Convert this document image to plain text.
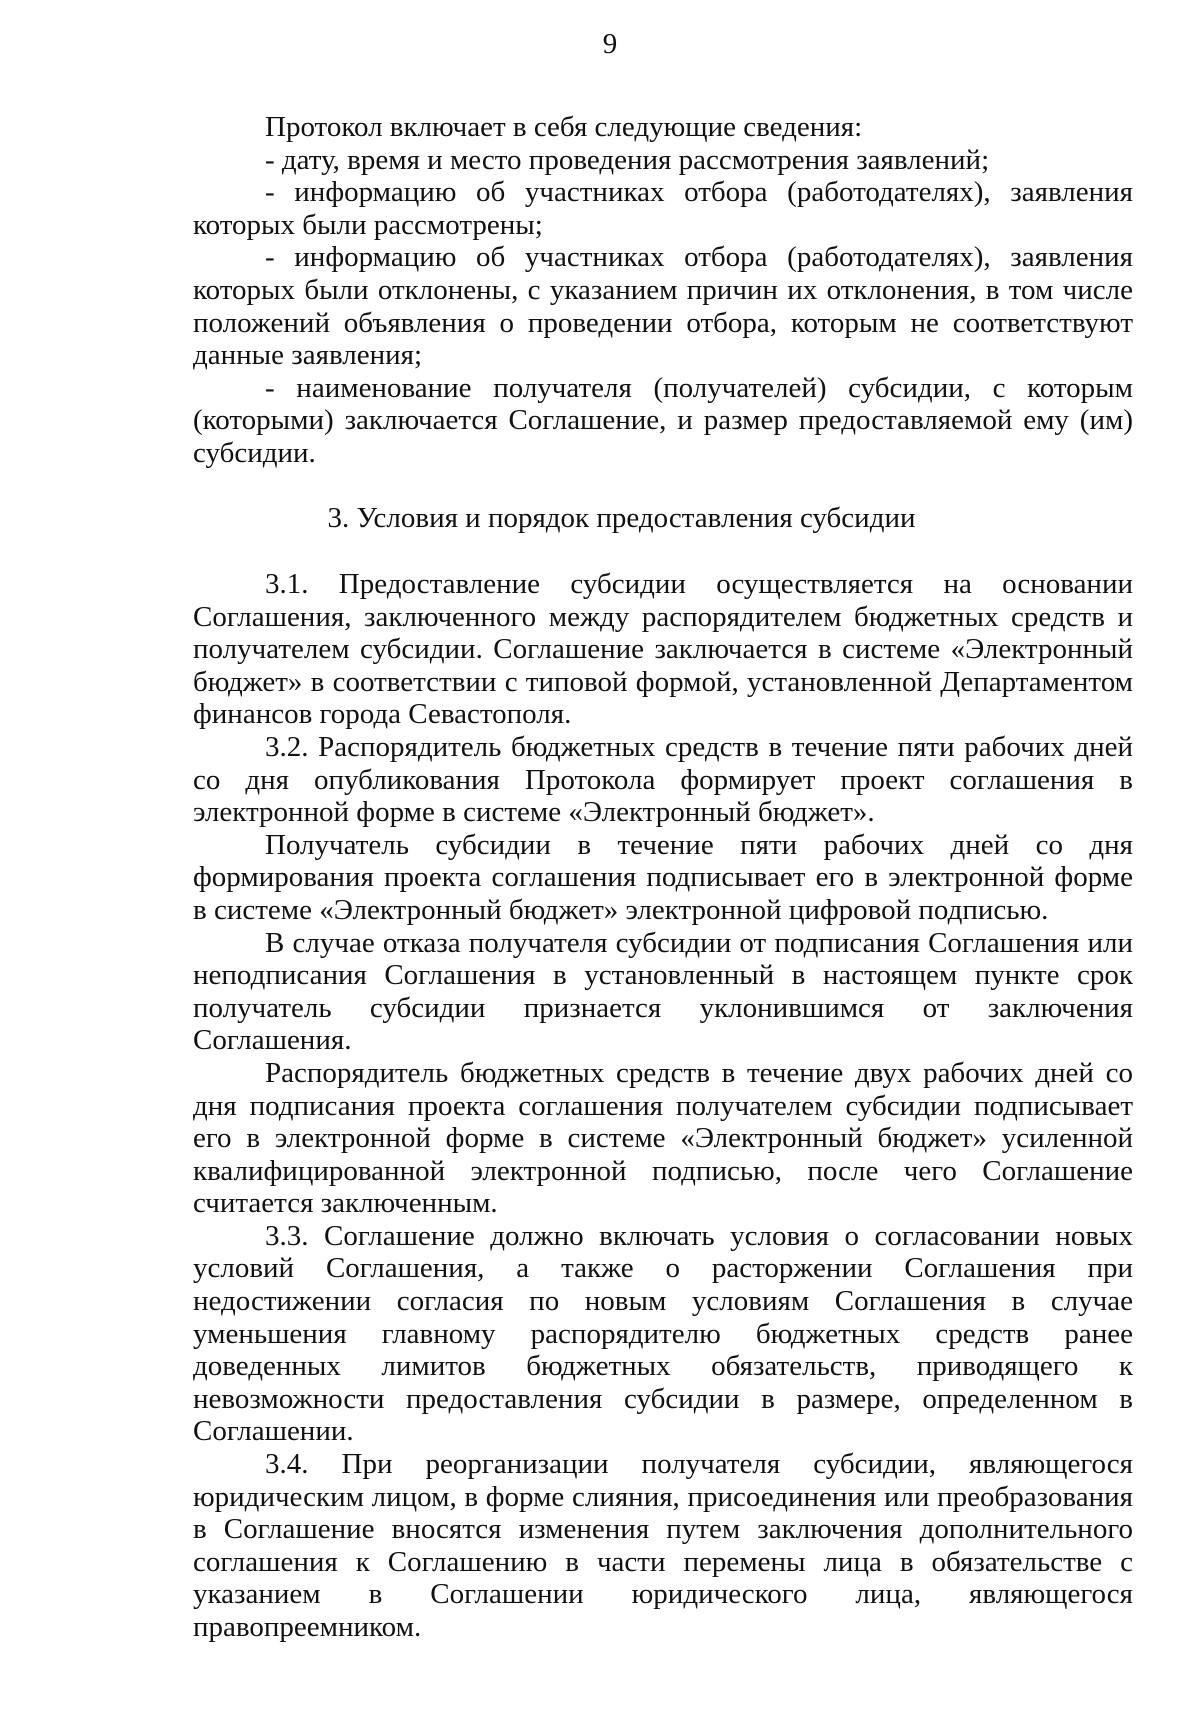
9

Протокол включает в себя следующие сведения:

- дату, время и место проведения рассмотрения заявлений;

- информацию об участниках отбора (работодателях), заявления которых были рассмотрены;

- информацию об участниках отбора (работодателях), заявления которых были отклонены, с указанием причин их отклонения, в том числе положений объявления о проведении отбора, которым не соответствуют данные заявления;

- наименование получателя (получателей) субсидии, с которым (которыми) заключается Соглашение, и размер предоставляемой ему (им) субсидии.

3. Условия и порядок предоставления субсидии

3.1. Предоставление субсидии осуществляется на основании Соглашения, заключенного между распорядителем бюджетных средств и получателем субсидии. Соглашение заключается в системе «Электронный бюджет» в соответствии с типовой формой, установленной Департаментом финансов города Севастополя.

3.2. Распорядитель бюджетных средств в течение пяти рабочих дней со дня опубликования Протокола формирует проект соглашения в электронной форме в системе «Электронный бюджет».

Получатель субсидии в течение пяти рабочих дней со дня формирования проекта соглашения подписывает его в электронной форме в системе «Электронный бюджет» электронной цифровой подписью.

В случае отказа получателя субсидии от подписания Соглашения или неподписания Соглашения в установленный в настоящем пункте срок получатель субсидии признается уклонившимся от заключения Соглашения.

Распорядитель бюджетных средств в течение двух рабочих дней со дня подписания проекта соглашения получателем субсидии подписывает его в электронной форме в системе «Электронный бюджет» усиленной квалифицированной электронной подписью, после чего Соглашение считается заключенным.

3.3. Соглашение должно включать условия о согласовании новых условий Соглашения, а также о расторжении Соглашения при недостижении согласия по новым условиям Соглашения в случае уменьшения главному распорядителю бюджетных средств ранее доведенных лимитов бюджетных обязательств, приводящего к невозможности предоставления субсидии в размере, определенном в Соглашении.

3.4. При реорганизации получателя субсидии, являющегося юридическим лицом, в форме слияния, присоединения или преобразования в Соглашение вносятся изменения путем заключения дополнительного соглашения к Соглашению в части перемены лица в обязательстве с указанием в Соглашении юридического лица, являющегося правопреемником.
